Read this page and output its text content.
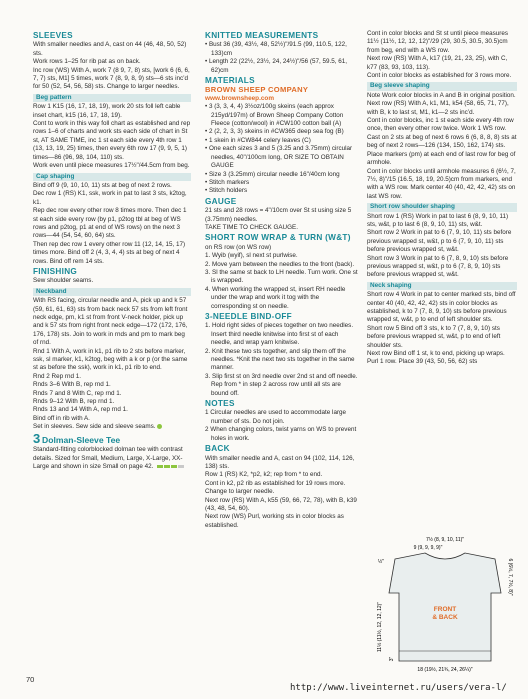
SLEEVES

With smaller needles and A, cast on 44 (46, 48, 50, 52) sts.

Work rows 1–25 for rib pat as on back.

Inc row (WS) With A, work 7 (8 9, 7, 8) sts, [work 6 (6, 6, 7, 7) sts, M1] 5 times, work 7 (8, 9, 8, 9) sts—6 sts inc’d for 50 (52, 54, 56, 58) sts. Change to larger needles.

Beg pattern

Row 1 K15 (16, 17, 18, 19), work 20 sts foll left cable inset chart, k15 (16, 17, 18, 19).

Cont to work in this way foll chart as established and rep rows 1–6 of charts and work sts each side of chart in St st, AT SAME TIME, inc 1 st each side every 4th row 1 (13, 13, 19, 25) times, then every 6th row 17 (9, 9, 5, 1) times—86 (96, 98, 104, 110) sts.

Work even until piece measures 17½"/44.5cm from beg.

Cap shaping

Bind off 9 (9, 10, 10, 11) sts at beg of next 2 rows.

Dec row 1 (RS) K1, ssk, work in pat to last 3 sts, k2tog, k1.

Rep dec row every other row 8 times more. Then dec 1 st each side every row (by p1, p2tog tbl at beg of WS rows and p2tog, p1 at end of WS rows) on the next 3 rows—44 (54, 54, 60, 64) sts.

Then rep dec row 1 every other row 11 (12, 14, 15, 17) times more. Bind off 2 (4, 3, 4, 4) sts at beg of next 4 rows. Bind off rem 14 sts.

FINISHING

Sew shoulder seams.

Neckband

With RS facing, circular needle and A, pick up and k 57 (59, 61, 61, 63) sts from back neck 57 sts from left front neck edge, pm, k1 st from front V-neck holder, pick up and k 57 sts from right front neck edge—172 (172, 176, 176, 178) sts. Join to work in rnds and pm to mark beg of rnd.

Rnd 1 With A, work in k1, p1 rib to 2 sts before marker, ssk, sl marker, k1, k2tog, beg with a k or p (or the same st as before the ssk), work in k1, p1 rib to end.

Rnd 2 Rep rnd 1.

Rnds 3–6 With B, rep rnd 1.

Rnds 7 and 8 With C, rep rnd 1.

Rnds 9–12 With B, rep rnd 1.

Rnds 13 and 14 With A, rep rnd 1.

Bind off in rib with A.

Set in sleeves. Sew side and sleeve seams.

3 Dolman-Sleeve Tee

Standard-fitting colorblocked dolman tee with contrast details. Sized for Small, Medium, Large, X-Large, XX-Large and shown in size Small on page 42.

KNITTED MEASUREMENTS

• Bust 36 (39, 43½, 48, 52½)"/91.5 (99, 110.5, 122, 133)cm

• Length 22 (22½, 23½, 24, 24½)"/56 (57, 59.5, 61, 62)cm

MATERIALS
BROWN SHEEP COMPANY
www.brownsheep.com

• 3 (3, 3, 4, 4) 3½oz/100g skeins (each approx 215yd/197m) of Brown Sheep Company Cotton Fleece (cotton/wool) in #CW100 cotton ball (A)

• 2 (2, 2, 3, 3) skeins in #CW365 deep sea fog (B)

• 1 skein in #CW844 celery leaves (C)

• One each sizes 3 and 5 (3.25 and 3.75mm) circular needles, 40"/100cm long, OR SIZE TO OBTAIN GAUGE

• Size 3 (3.25mm) circular needle 16"/40cm long

• Stitch markers

• Stitch holders

GAUGE

21 sts and 28 rows = 4"/10cm over St st using size 5 (3.75mm) needles.

TAKE TIME TO CHECK GAUGE.

SHORT ROW WRAP & TURN (W&T)

on RS row (on WS row)

1. Wyib (wyif), sl next st purlwise.

2. Move yarn between the needles to the front (back).

3. Sl the same st back to LH needle. Turn work. One st is wrapped.

4. When working the wrapped st, insert RH needle under the wrap and work it tog with the corresponding st on needle.

3-NEEDLE BIND-OFF

1. Hold right sides of pieces together on two needles. Insert third needle knitwise into first st of each needle, and wrap yarn knitwise.

2. Knit these two sts together, and slip them off the needles. *Knit the next two sts together in the same manner.

3. Slip first st on 3rd needle over 2nd st and off needle. Rep from * in step 2 across row until all sts are bound off.

NOTES

1 Circular needles are used to accommodate large number of sts. Do not join.

2 When changing colors, twist yarns on WS to prevent holes in work.

BACK

With smaller needle and A, cast on 94 (102, 114, 126, 138) sts.

Row 1 (RS) K2, *p2, k2; rep from * to end.

Cont in k2, p2 rib as established for 19 rows more. Change to larger needle.

Next row (RS) With A, k55 (59, 66, 72, 78), with B, k39 (43, 48, 54, 60).

Next row (WS) Purl, working sts in color blocks as established.

Cont in color blocks and St st until piece measures 11½ (11½, 12, 12, 12)"/29 (29, 30.5, 30.5, 30.5)cm from beg, end with a WS row.

Next row (RS) With A, k17 (19, 21, 23, 25), with C, k77 (83, 93, 103, 113).

Cont in color blocks as established for 3 rows more.

Beg sleeve shaping

Note Work color blocks in A and B in original position.

Next row (RS) With A, k1, M1, k54 (58, 65, 71, 77), with B, k to last st, M1, k1—2 sts inc’d.

Cont in color blocks, inc 1 st each side every 4th row once, then every other row twice. Work 1 WS row. Cast on 2 sts at beg of next 6 rows 6 (6, 8, 8, 8) sts at beg of next 2 rows—126 (134, 150, 162, 174) sts. Place markers (pm) at each end of last row for beg of armhole.

Cont in color blocks until armhole measures 6 (6½, 7, 7½, 8)"/15 (16.5, 18, 19, 20.5)cm from markers, end with a WS row. Mark center 40 (40, 42, 42, 42) sts on last WS row.

Short row shoulder shaping

Short row 1 (RS) Work in pat to last 6 (8, 9, 10, 11) sts, w&t, p to last 6 (8, 9, 10, 11) sts, w&t.

Short row 2 Work in pat to 6 (7, 9, 10, 11) sts before previous wrapped st, w&t, p to 6 (7, 9, 10, 11) sts before previous wrapped st, w&t.

Short row 3 Work in pat to 6 (7, 8, 9, 10) sts before previous wrapped st, w&t, p to 6 (7, 8, 9, 10) sts before previous wrapped st, w&t.

Neck shaping

Short row 4 Work in pat to center marked sts, bind off center 40 (40, 42, 42, 42) sts in color blocks as established, k to 7 (7, 8, 9, 10) sts before previous wrapped st, w&t, p to end of left shoulder sts.

Short row 5 Bind off 3 sts, k to 7 (7, 8, 9, 10) sts before previous wrapped st, w&t, p to end of left shoulder sts.

Next row Bind off 1 st, k to end, picking up wraps. Purl 1 row. Place 39 (43, 50, 56, 62) sts

FRONT & BACK
7½ (8, 9, 10, 11)"
9 (9, 9, 9, 9)"
½"	6 (6½, 7, 7½, 8)"
11½ (11½, 12, 12, 12)"
3"
18 (19½, 21¾, 24, 26¼)"
70
http://www.liveinternet.ru/users/vera-l/
